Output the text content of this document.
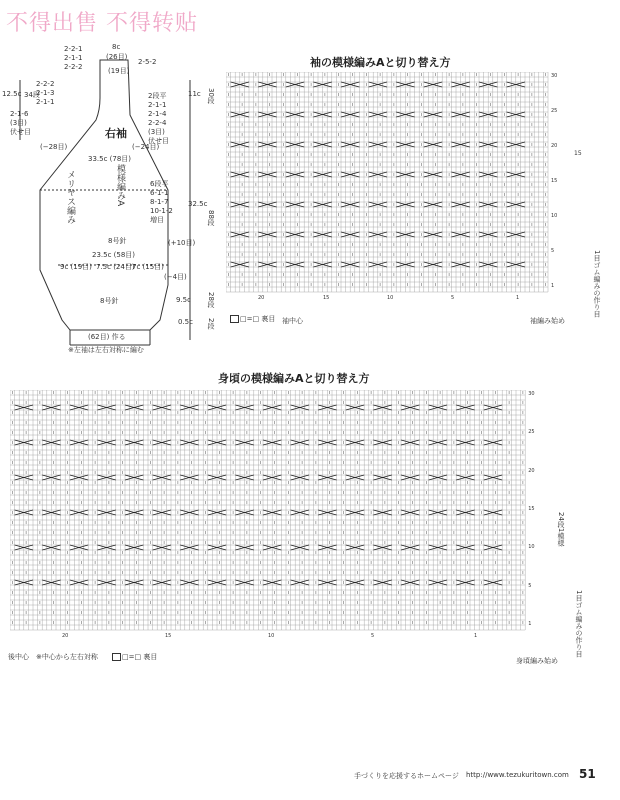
不得出售 不得转贴
8c
(26目)
(19目)
2-5-2
2-2-1
2-1-1
2-2-2
2-2-2
2-1-3
2-1-1
2-1-6
(3目)
伏せ目
2段平
2-1-1
2-1-4
2-2-4
(3目)
伏せ目
12.5c 34段	11c 30段
右袖
(−28目)	(−24目)
33.5c (78目)
模様編みA
メリヤス編み	6段平
6-1-1
8-1-7
10-1-2
増目
(+10目)
32.5c
88段
8号針
23.5c (58目)
9c (19目) 7.5c (24目)
7c (15目)
(−4目)
8号針	9.5c 28段
0.5c 2段
(62目) 作る
※左袖は左右対称に編む
袖の模様編みAと切り替え方
30
25
20
15
10
5
1
20	15	10	5	1
15
□=□ 裏目 袖中心	袖編み始め
1目ゴム編みの作り目
身頃の模様編みAと切り替え方
30
25
20
15
10
5
1
20	15	10	5	1
後中心 ※中心から左右対称	□=□ 裏目	身頃編み始め
24段1模様
1目ゴム編みの作り目
手づくりを応援するホームページ http://www.tezukuritown.com 51
